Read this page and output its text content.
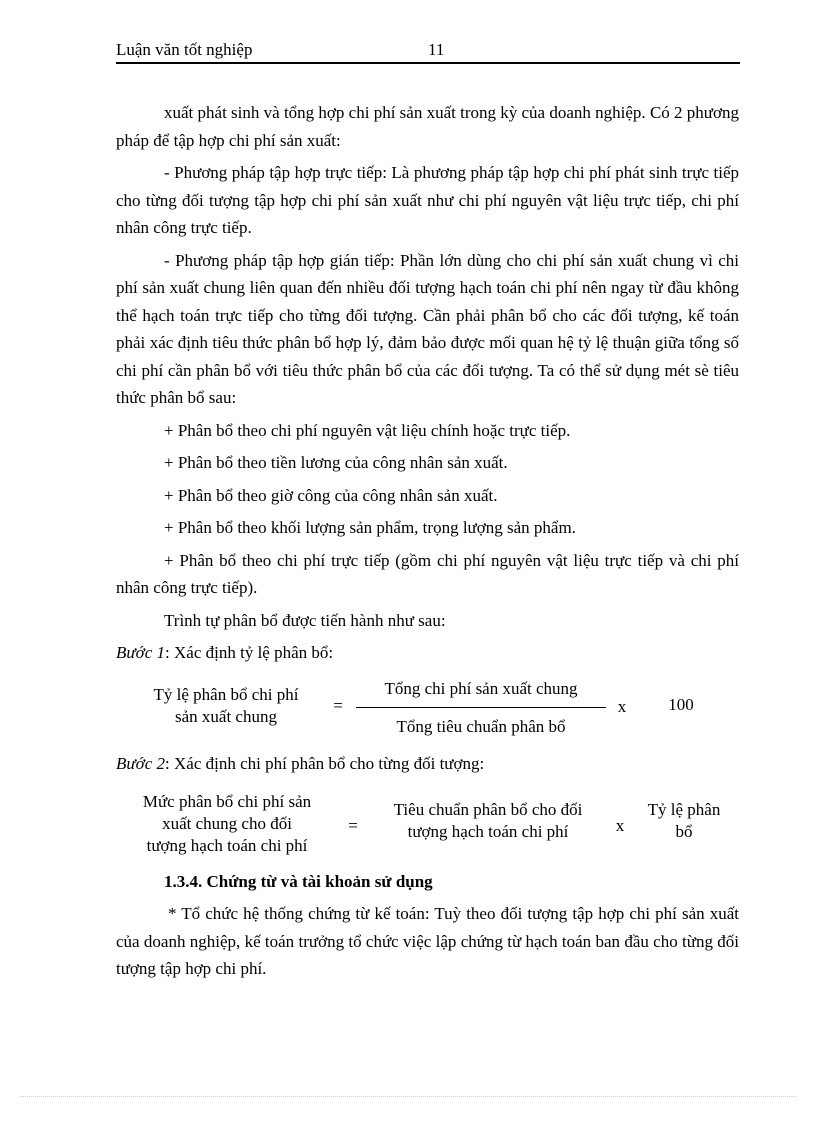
Luận văn tốt nghiệp	11

xuất phát sinh và tổng hợp chi phí sản xuất trong kỳ của doanh nghiệp. Có 2 phương pháp để tập hợp chi phí sản xuất:

- Phương pháp tập hợp trực tiếp: Là phương pháp tập hợp chi phí phát sinh trực tiếp cho từng đối tượng tập hợp chi phí sản xuất như chi phí nguyên vật liệu trực tiếp, chi phí nhân công trực tiếp.

- Phương pháp tập hợp gián tiếp: Phần lớn dùng cho chi phí sản xuất chung vì chi phí sản xuất chung liên quan đến nhiều đối tượng hạch toán chi phí nên ngay từ đầu không thể hạch toán trực tiếp cho từng đối tượng. Cần phải phân bổ cho các đối tượng, kế toán phải xác định tiêu thức phân bổ hợp lý, đảm bảo được mối quan hệ tỷ lệ thuận giữa tổng số chi phí cần phân bổ với tiêu thức phân bổ của các đối tượng. Ta có thể sử dụng mét sè tiêu thức phân bổ sau:

+ Phân bổ theo chi phí nguyên vật liệu chính hoặc trực tiếp.

+ Phân bổ theo tiền lương của công nhân sản xuất.

+ Phân bổ theo giờ công của công nhân sản xuất.

+ Phân bổ theo khối lượng sản phẩm, trọng lượng sản phẩm.

+ Phân bổ theo chi phí trực tiếp (gồm chi phí nguyên vật liệu trực tiếp và chi phí nhân công trực tiếp).

Trình tự phân bổ được tiến hành như sau:

Bước 1: Xác định tỷ lệ phân bổ:

Tỷ lệ phân bổ chi phí
sản xuất chung
=
Tổng chi phí sản xuất chung
Tổng tiêu chuẩn phân bổ
x	100

Bước 2: Xác định chi phí phân bổ cho từng đối tượng:

Mức phân bổ chi phí sản
xuất chung cho đối
tượng hạch toán chi phí
=
Tiêu chuẩn phân bổ cho đối
tượng hạch toán chi phí	x
Tỷ lệ phân
bổ

1.3.4. Chứng từ và tài khoản sử dụng

* Tổ chức hệ thống chứng từ kế toán: Tuỳ theo đối tượng tập hợp chi phí sản xuất của doanh nghiệp, kế toán trưởng tổ chức việc lập chứng từ hạch toán ban đầu cho từng đối tượng tập hợp chi phí.
